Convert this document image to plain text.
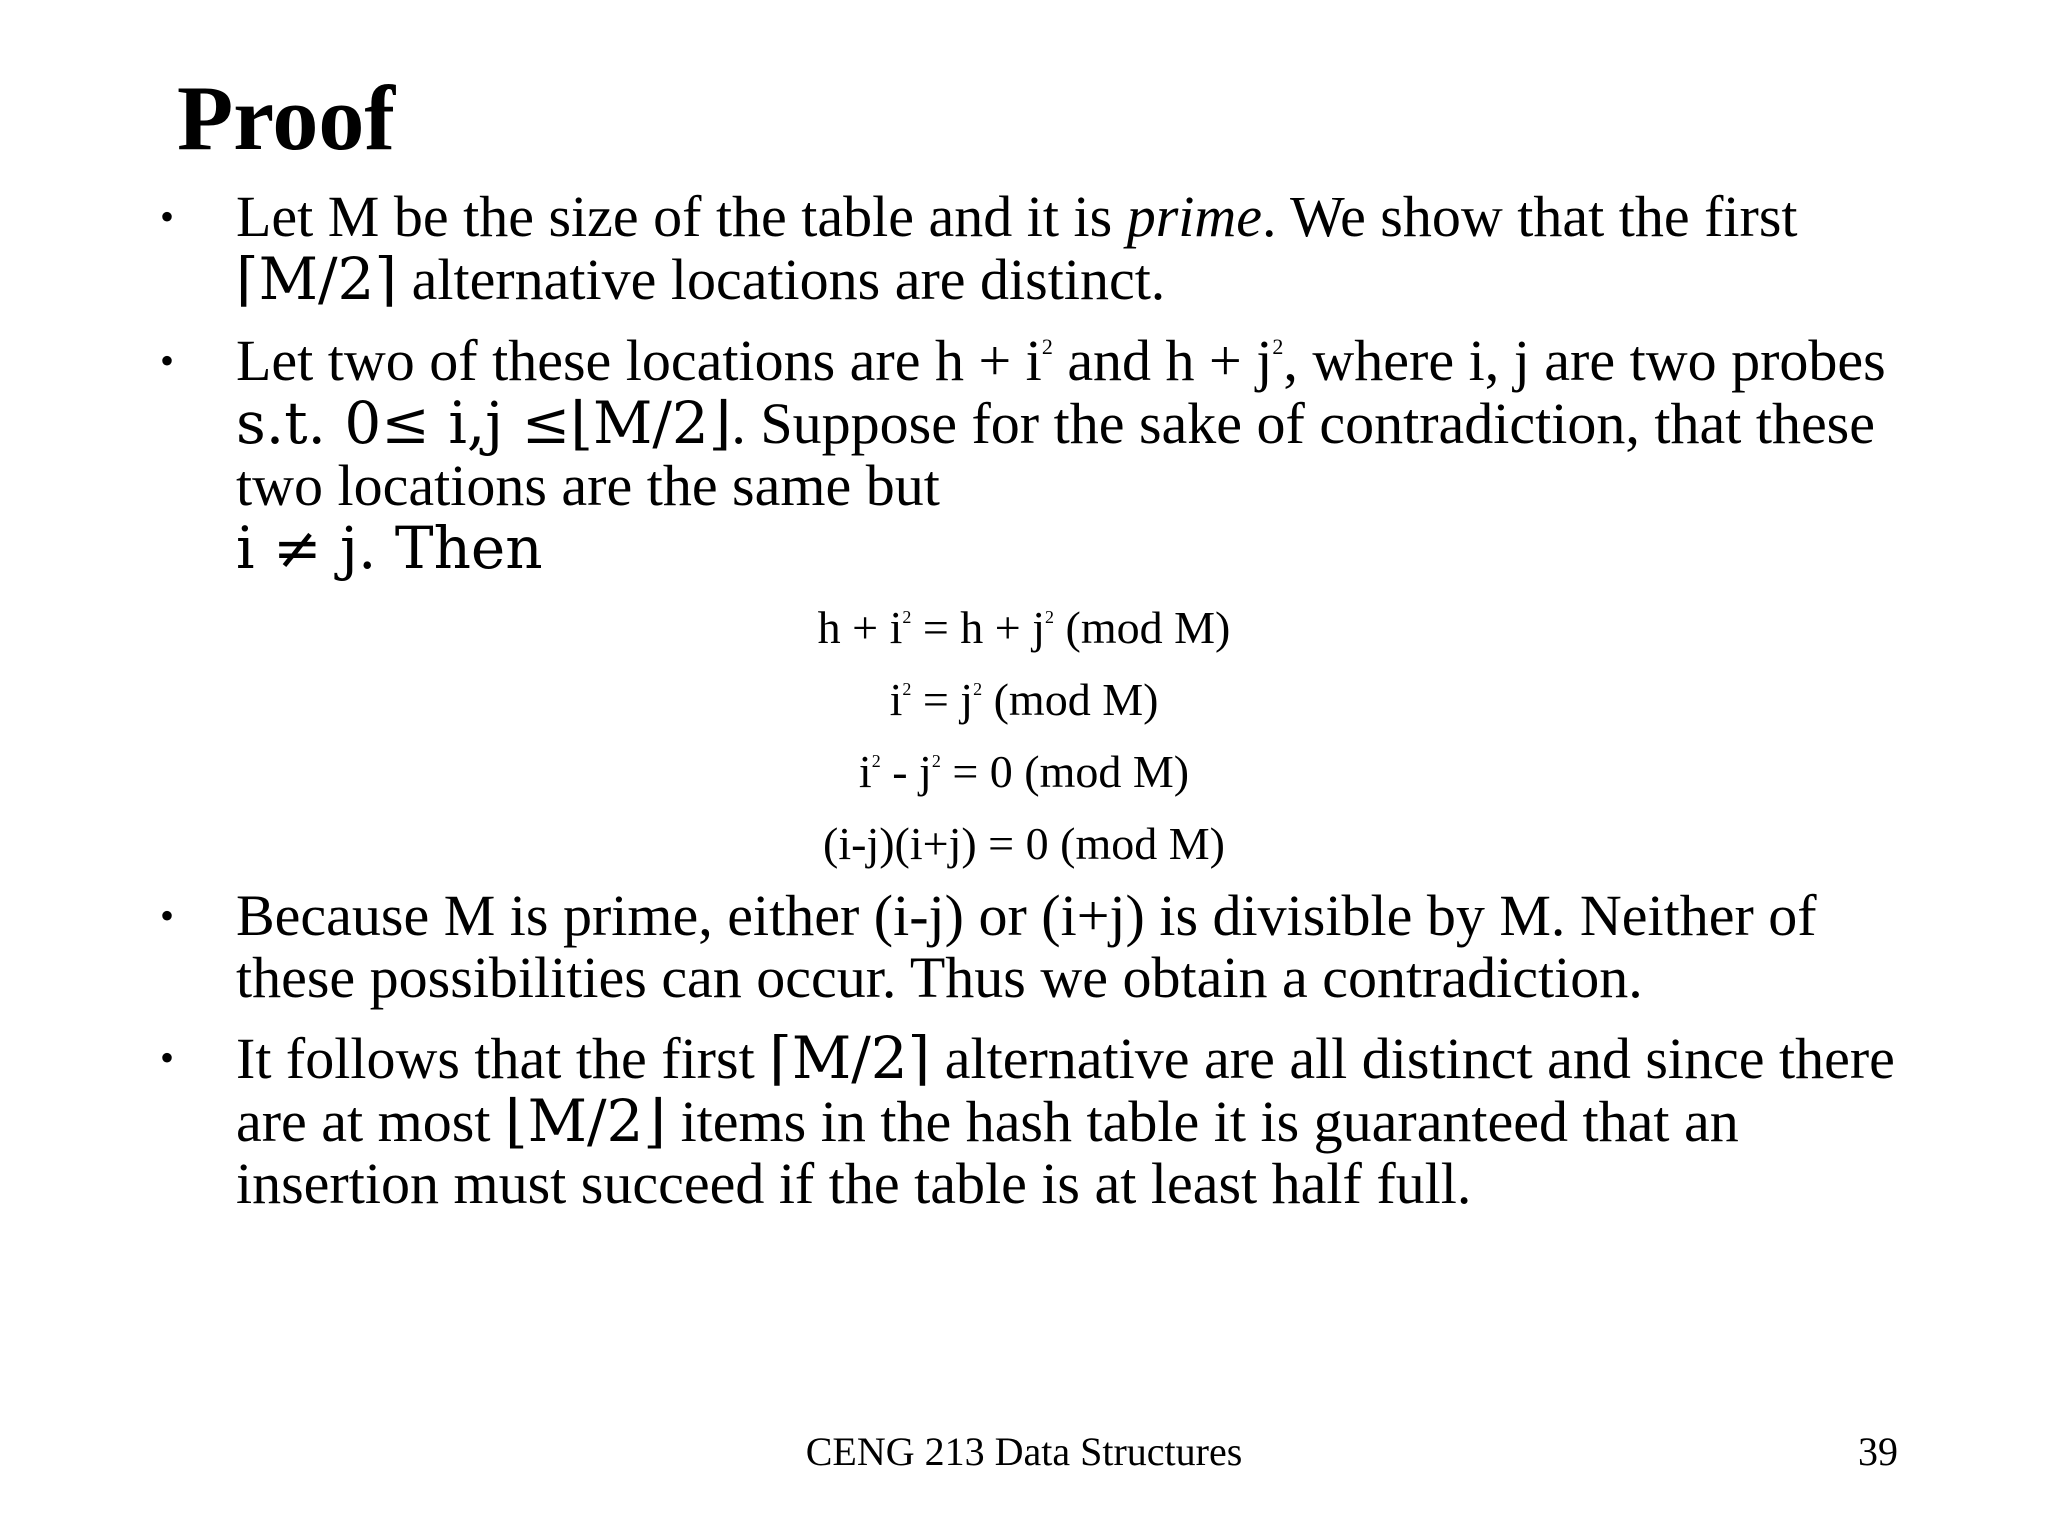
Proof
•	Let M be the size of the table and it is prime. We show that the first
⌈M/2⌉ alternative locations are distinct.
•	Let two of these locations are $h + i^2$ and $h + j^2$, where i, j are two probes
s.t. 0≤ i,j ≤⌊M/2⌋. Suppose for the sake of contradiction, that these
two locations are the same but
i ≠ j. Then
$h + i^2 = h + j^2$ (mod M)
$i^2 = j^2$ (mod M)
$i^2 - j^2 = 0$ (mod M)
(i-j)(i+j) = 0 (mod M)
•	Because M is prime, either (i-j) or (i+j) is divisible by M. Neither of
these possibilities can occur. Thus we obtain a contradiction.
•	It follows that the first ⌈M/2⌉ alternative are all distinct and since there
are at most ⌊M/2⌋ items in the hash table it is guaranteed that an
insertion must succeed if the table is at least half full.
CENG 213 Data Structures	39
